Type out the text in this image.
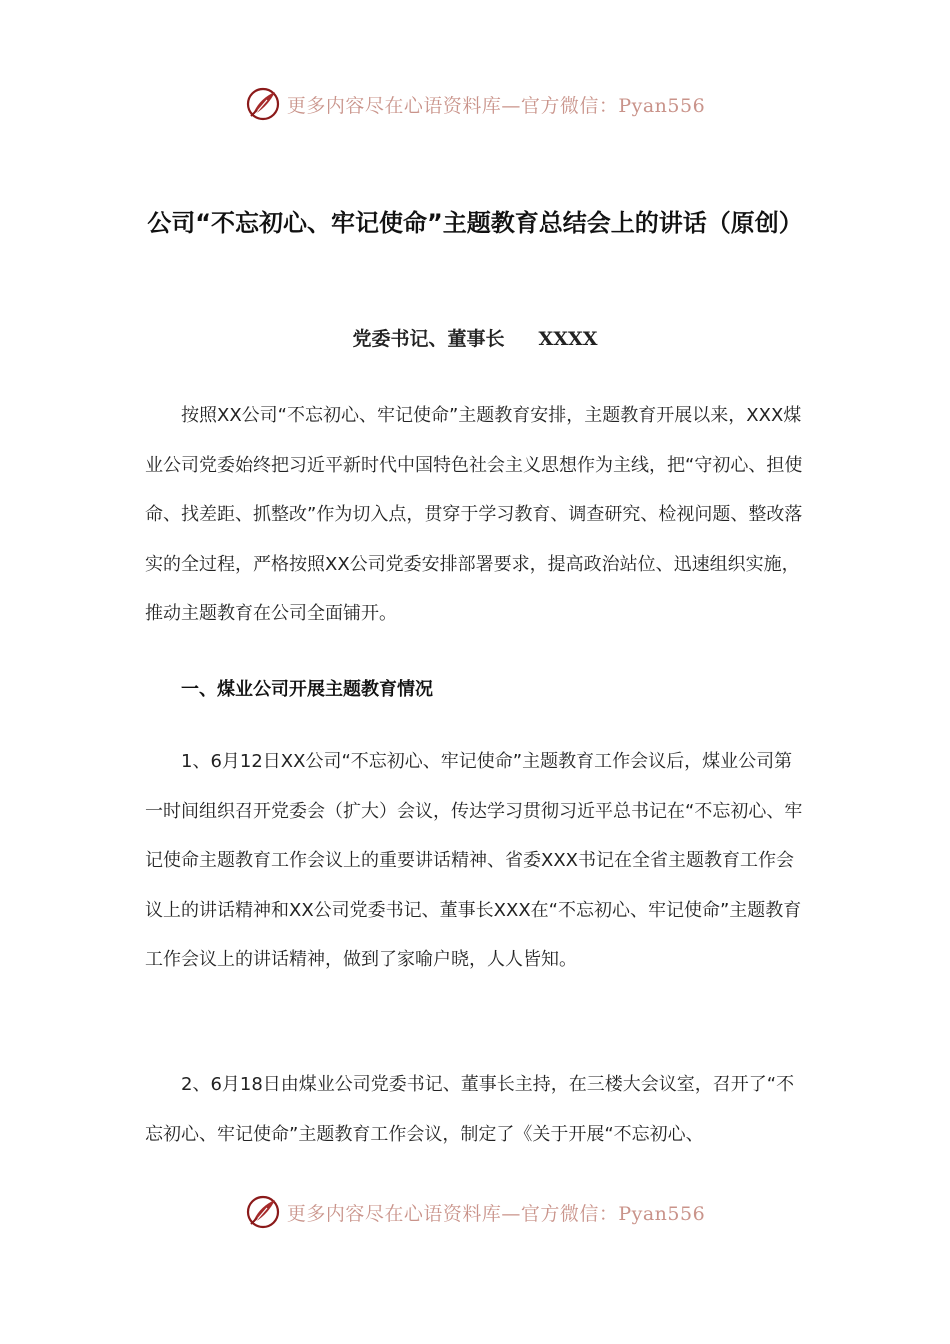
更多内容尽在心语资料库—官方微信：Pyan556
公司“不忘初心、牢记使命”主题教育总结会上的讲话（原创）
党委书记、董事长 XXXX

按照XX公司“不忘初心、牢记使命”主题教育安排，主题教育开展以来，XXX煤业公司党委始终把习近平新时代中国特色社会主义思想作为主线，把“守初心、担使命、找差距、抓整改”作为切入点，贯穿于学习教育、调查研究、检视问题、整改落实的全过程，严格按照XX公司党委安排部署要求，提高政治站位、迅速组织实施，推动主题教育在公司全面铺开。

一、煤业公司开展主题教育情况

1、6月12日XX公司“不忘初心、牢记使命”主题教育工作会议后，煤业公司第一时间组织召开党委会（扩大）会议，传达学习贯彻习近平总书记在“不忘初心、牢记使命主题教育工作会议上的重要讲话精神、省委XXX书记在全省主题教育工作会议上的讲话精神和XX公司党委书记、董事长XXX在“不忘初心、牢记使命”主题教育工作会议上的讲话精神，做到了家喻户晓，人人皆知。

2、6月18日由煤业公司党委书记、董事长主持，在三楼大会议室，召开了“不忘初心、牢记使命”主题教育工作会议，制定了《关于开展“不忘初心、

更多内容尽在心语资料库—官方微信：Pyan556
